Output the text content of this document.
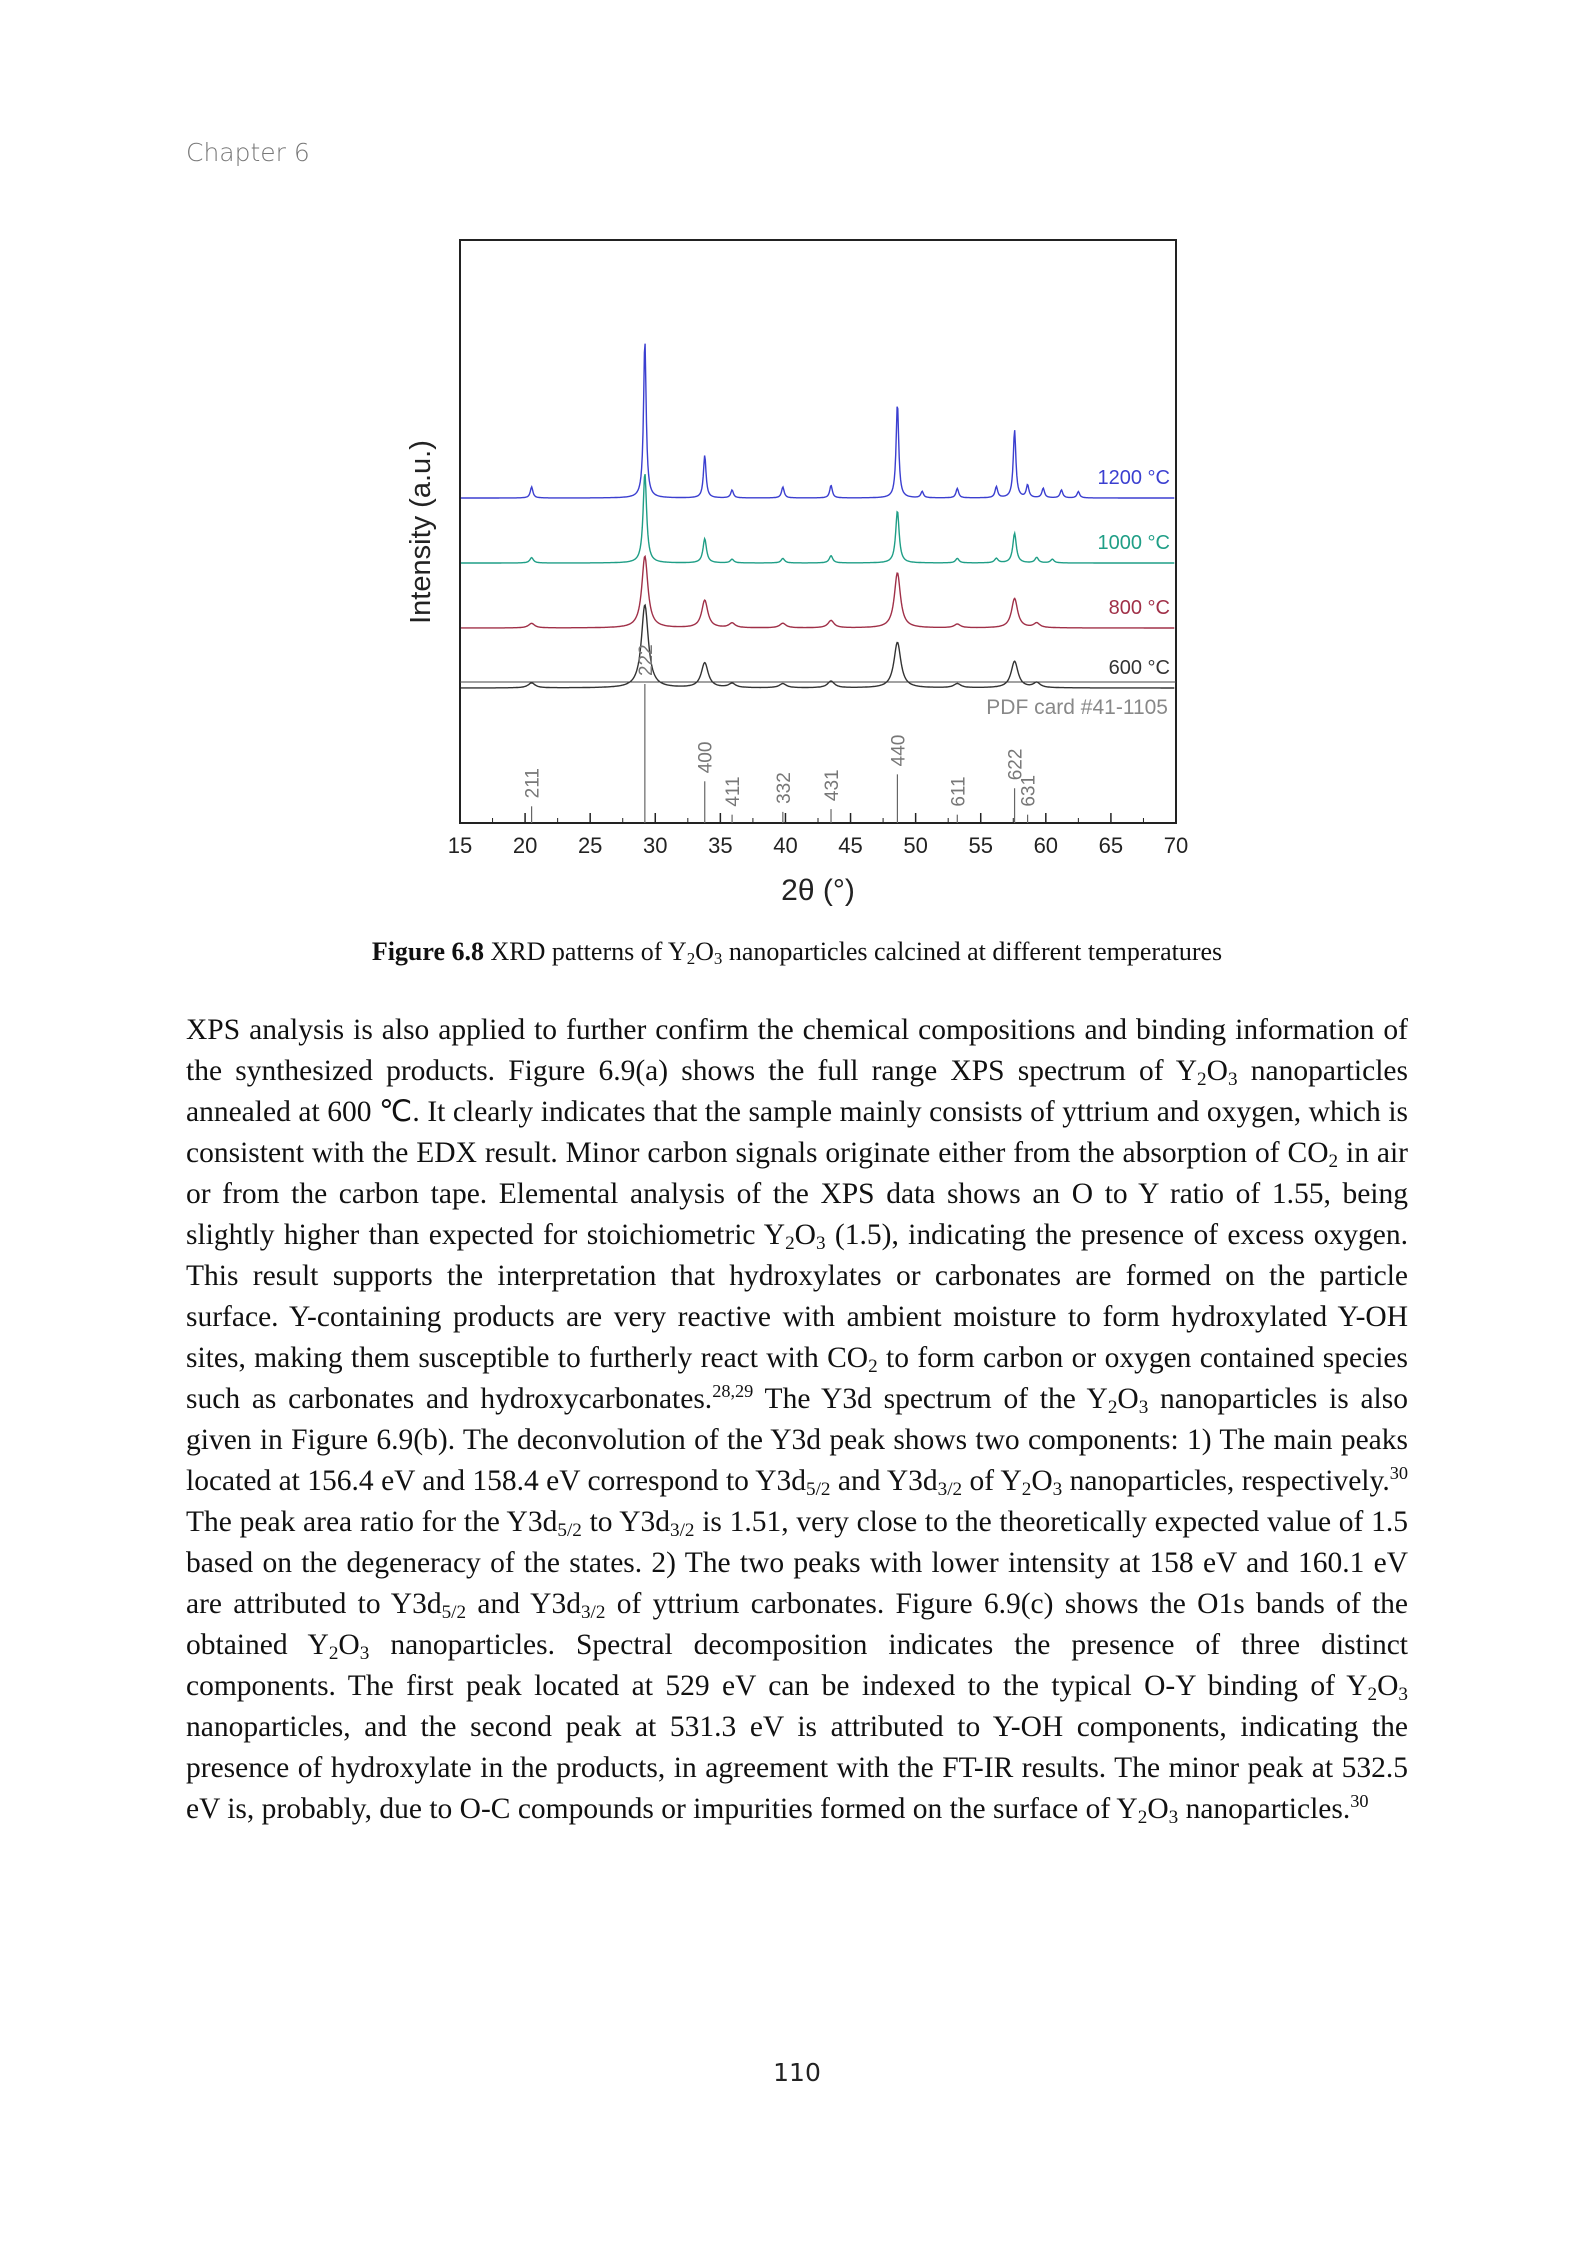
Chapter 6
15 20 25 30 35 40 45 50 55 60 65 70
1200 °C
1000 °C
800 °C
600 °C
211
222
400
411 332 431
440
611
622
631
Intensity (a.u.)
2θ (°)
PDF card #41-1105
Figure 6.8 XRD patterns of $Y_2O_3$ nanoparticles calcined at different temperatures

XPS analysis is also applied to further confirm the chemical compositions and binding information of the synthesized products. Figure 6.9(a) shows the full range XPS spectrum of $Y_2O_3$ nanoparticles annealed at 600 ℃. It clearly indicates that the sample mainly consists of yttrium and oxygen, which is consistent with the EDX result. Minor carbon signals originate either from the absorption of $CO_2$ in air or from the carbon tape. Elemental analysis of the XPS data shows an O to Y ratio of 1.55, being slightly higher than expected for stoichiometric $Y_2O_3$ (1.5), indicating the presence of excess oxygen. This result supports the interpretation that hydroxylates or carbonates are formed on the particle surface. Y-containing products are very reactive with ambient moisture to form hydroxylated Y-OH sites, making them susceptible to furtherly react with $CO_2$ to form carbon or oxygen contained species such as carbonates and hydroxycarbonates.$^{28,29}$ The Y3d spectrum of the $Y_2O_3$ nanoparticles is also given in Figure 6.9(b). The deconvolution of the Y3d peak shows two components: 1) The main peaks located at 156.4 eV and 158.4 eV correspond to $Y3d_{5/2}$ and $Y3d_{3/2}$ of $Y_2O_3$ nanoparticles, respectively.$^{30}$ The peak area ratio for the $Y3d_{5/2}$ to $Y3d_{3/2}$ is 1.51, very close to the theoretically expected value of 1.5 based on the degeneracy of the states. 2) The two peaks with lower intensity at 158 eV and 160.1 eV are attributed to $Y3d_{5/2}$ and $Y3d_{3/2}$ of yttrium carbonates. Figure 6.9(c) shows the O1s bands of the obtained $Y_2O_3$ nanoparticles. Spectral decomposition indicates the presence of three distinct components. The first peak located at 529 eV can be indexed to the typical O-Y binding of $Y_2O_3$ nanoparticles, and the second peak at 531.3 eV is attributed to Y-OH components, indicating the presence of hydroxylate in the products, in agreement with the FT-IR results. The minor peak at 532.5 eV is, probably, due to O-C compounds or impurities formed on the surface of $Y_2O_3$ nanoparticles.$^{30}$

110
